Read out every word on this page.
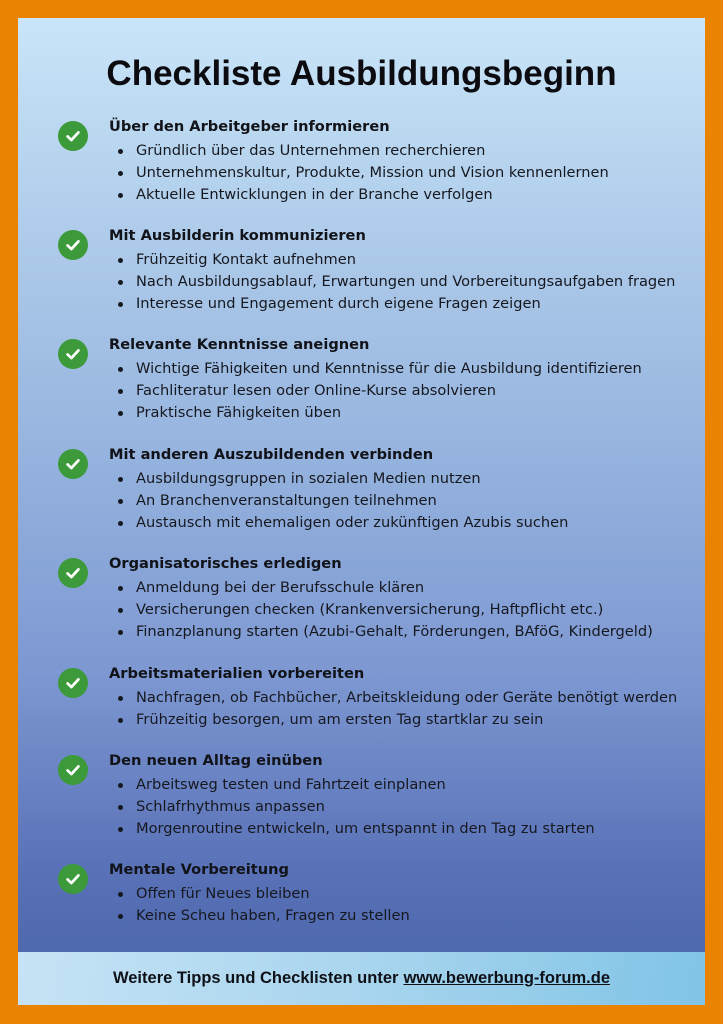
Checkliste Ausbildungsbeginn
Über den Arbeitgeber informieren
Gründlich über das Unternehmen recherchieren
Unternehmenskultur, Produkte, Mission und Vision kennenlernen
Aktuelle Entwicklungen in der Branche verfolgen
Mit Ausbilderin kommunizieren
Frühzeitig Kontakt aufnehmen
Nach Ausbildungsablauf, Erwartungen und Vorbereitungsaufgaben fragen
Interesse und Engagement durch eigene Fragen zeigen
Relevante Kenntnisse aneignen
Wichtige Fähigkeiten und Kenntnisse für die Ausbildung identifizieren
Fachliteratur lesen oder Online-Kurse absolvieren
Praktische Fähigkeiten üben
Mit anderen Auszubildenden verbinden
Ausbildungsgruppen in sozialen Medien nutzen
An Branchenveranstaltungen teilnehmen
Austausch mit ehemaligen oder zukünftigen Azubis suchen
Organisatorisches erledigen
Anmeldung bei der Berufsschule klären
Versicherungen checken (Krankenversicherung, Haftpflicht etc.)
Finanzplanung starten (Azubi-Gehalt, Förderungen, BAföG, Kindergeld)
Arbeitsmaterialien vorbereiten
Nachfragen, ob Fachbücher, Arbeitskleidung oder Geräte benötigt werden
Frühzeitig besorgen, um am ersten Tag startklar zu sein
Den neuen Alltag einüben
Arbeitsweg testen und Fahrtzeit einplanen
Schlafrhythmus anpassen
Morgenroutine entwickeln, um entspannt in den Tag zu starten
Mentale Vorbereitung
Offen für Neues bleiben
Keine Scheu haben, Fragen zu stellen
Weitere Tipps und Checklisten unter www.bewerbung-forum.de
